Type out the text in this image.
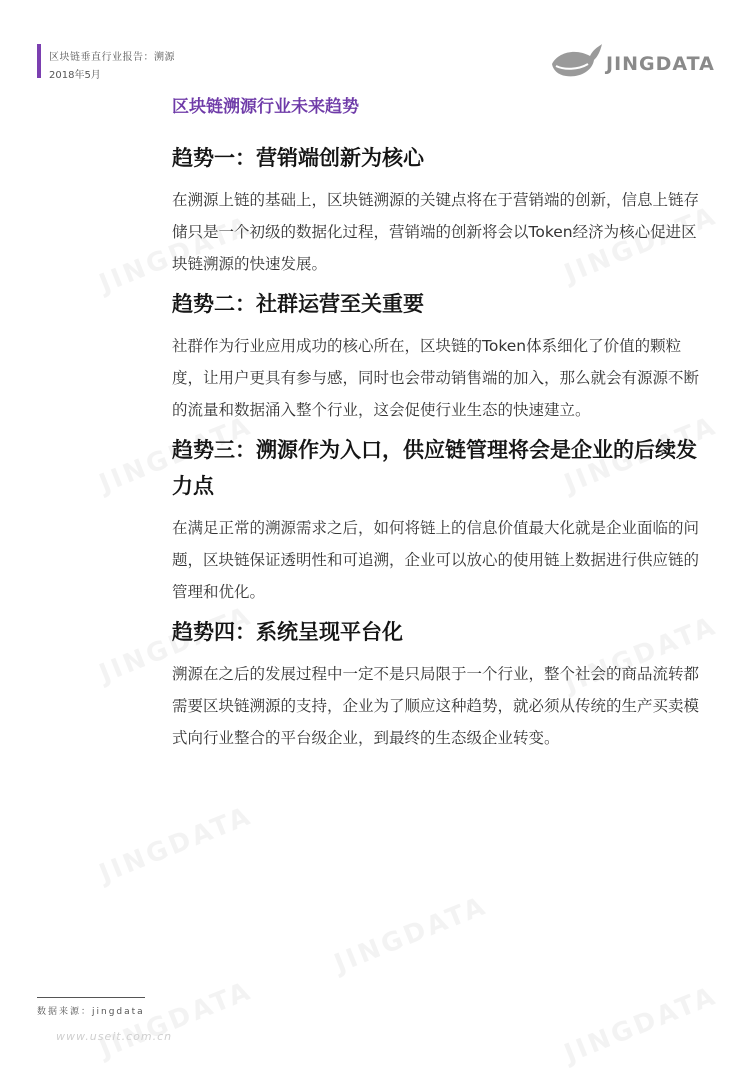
区块链垂直行业报告：溯源
2018年5月
JINGDATA
区块链溯源行业未来趋势
趋势一：营销端创新为核心

在溯源上链的基础上，区块链溯源的关键点将在于营销端的创新，信息上链存储只是一个初级的数据化过程，营销端的创新将会以Token经济为核心促进区块链溯源的快速发展。

趋势二：社群运营至关重要

社群作为行业应用成功的核心所在，区块链的Token体系细化了价值的颗粒度，让用户更具有参与感，同时也会带动销售端的加入，那么就会有源源不断的流量和数据涌入整个行业，这会促使行业生态的快速建立。

趋势三：溯源作为入口，供应链管理将会是企业的后续发力点

在满足正常的溯源需求之后，如何将链上的信息价值最大化就是企业面临的问题，区块链保证透明性和可追溯，企业可以放心的使用链上数据进行供应链的管理和优化。

趋势四：系统呈现平台化

溯源在之后的发展过程中一定不是只局限于一个行业，整个社会的商品流转都需要区块链溯源的支持，企业为了顺应这种趋势，就必须从传统的生产买卖模式向行业整合的平台级企业，到最终的生态级企业转变。

数据来源：jingdata
www.useit.com.cn
